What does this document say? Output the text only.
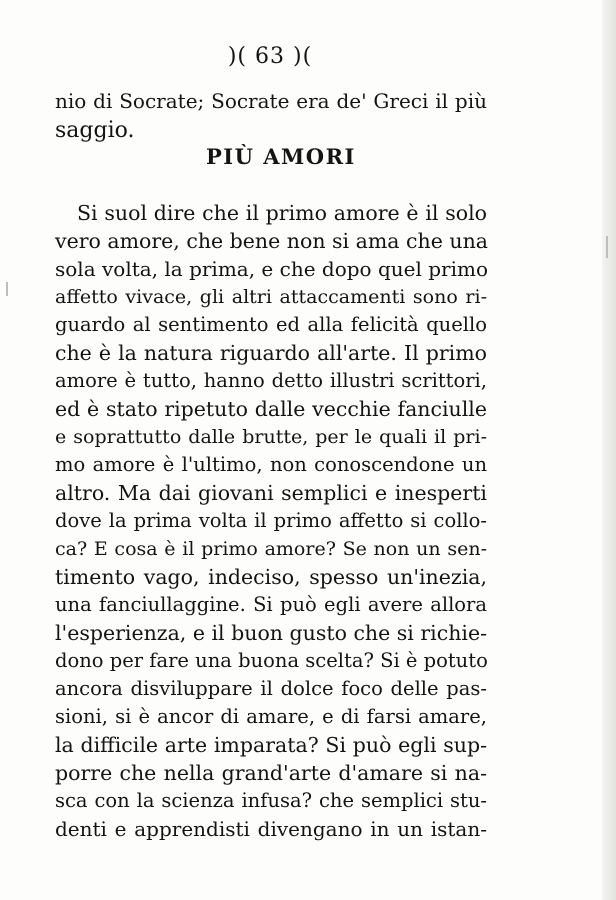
)( 63 )(
nio di Socrate; Socrate era de' Greci il più
saggio.
PIÙ AMORI
Si suol dire che il primo amore è il solo
vero amore, che bene non si ama che una
sola volta, la prima, e che dopo quel primo
affetto vivace, gli altri attaccamenti sono ri-
guardo al sentimento ed alla felicità quello
che è la natura riguardo all'arte. Il primo
amore è tutto, hanno detto illustri scrittori,
ed è stato ripetuto dalle vecchie fanciulle
e soprattutto dalle brutte, per le quali il pri-
mo amore è l'ultimo, non conoscendone un
altro. Ma dai giovani semplici e inesperti
dove la prima volta il primo affetto si collo-
ca? E cosa è il primo amore? Se non un sen-
timento vago, indeciso, spesso un'inezia,
una fanciullaggine. Si può egli avere allora
l'esperienza, e il buon gusto che si richie-
dono per fare una buona scelta? Si è potuto
ancora disviluppare il dolce foco delle pas-
sioni, si è ancor di amare, e di farsi amare,
la difficile arte imparata? Si può egli sup-
porre che nella grand'arte d'amare si na-
sca con la scienza infusa? che semplici stu-
denti e apprendisti divengano in un istan-
